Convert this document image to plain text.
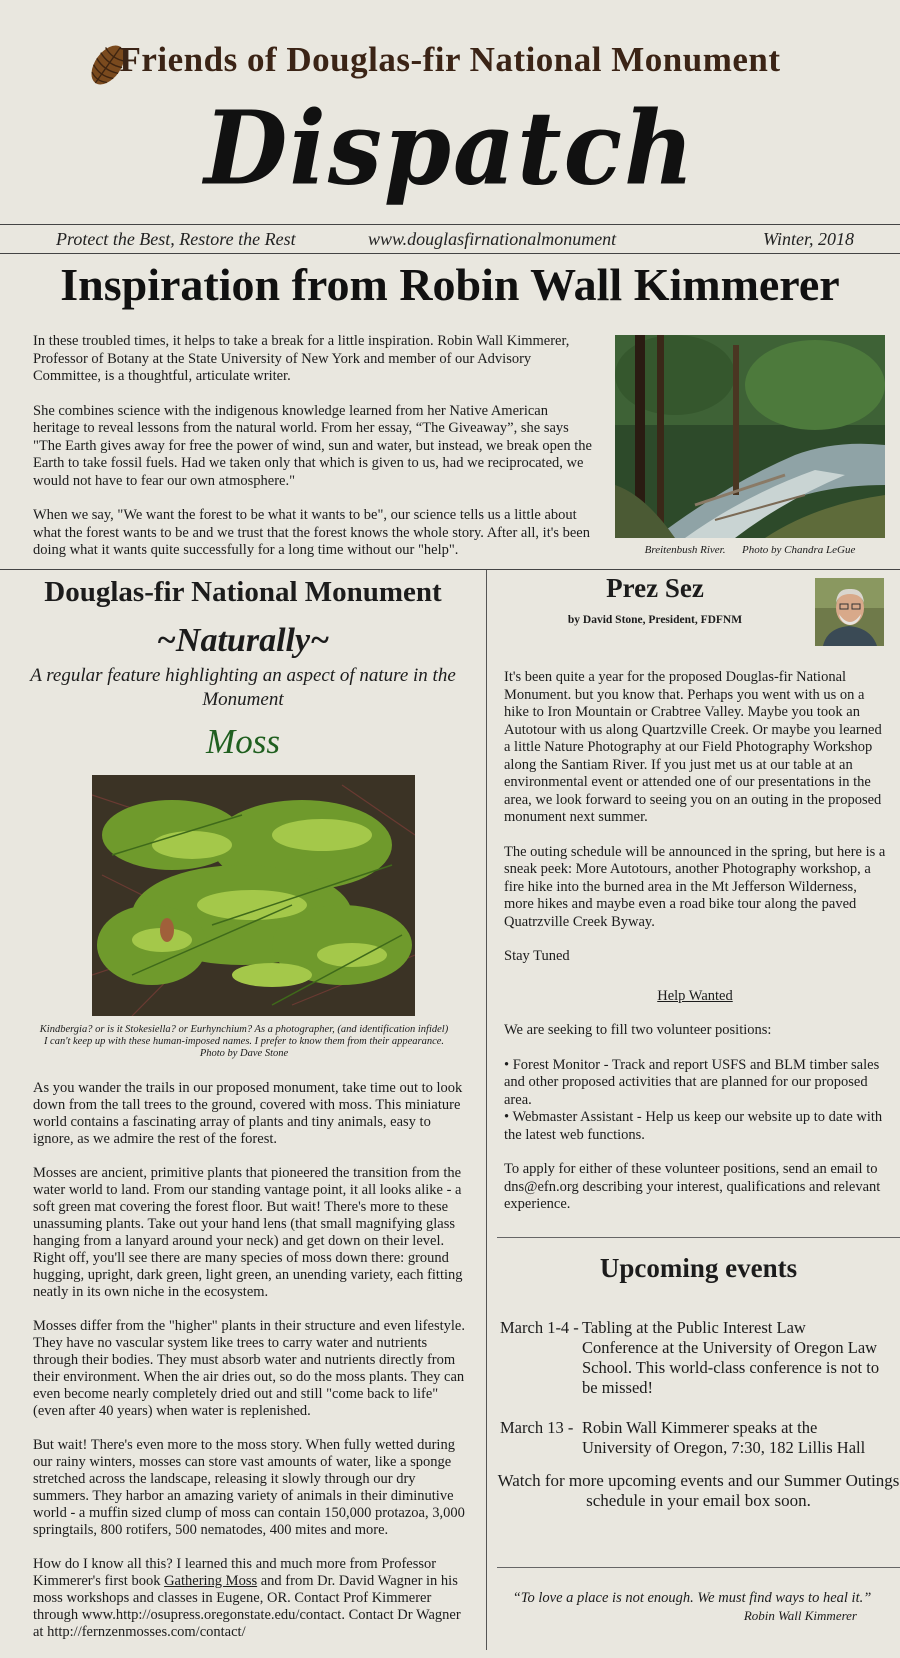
Friends of Douglas-fir National Monument
Dispatch
Protect the Best, Restore the Rest	www.douglasfirnationalmonument	Winter, 2018
Inspiration from Robin Wall Kimmerer

In these troubled times, it helps to take a break for a little inspiration. Robin Wall Kimmerer, Professor of Botany at the State University of New York and member of our Advisory Committee, is a thoughtful, articulate writer.

She combines science with the indigenous knowledge learned from her Native American heritage to reveal lessons from the natural world. From her essay, “The Giveaway”, she says "The Earth gives away for free the power of wind, sun and water, but instead, we break open the Earth to take fossil fuels. Had we taken only that which is given to us, had we reciprocated, we would not have to fear our own atmosphere."

When we say, "We want the forest to be what it wants to be", our science tells us a little about what the forest wants to be and we trust that the forest knows the whole story. After all, it's been doing what it wants quite successfully for a long time without our "help".	Breitenbush River.      Photo by Chandra LeGue
Douglas-fir National Monument
~Naturally~
A regular feature highlighting an aspect of nature in the Monument
Moss
Kindbergia? or is it Stokesiella? or Eurhynchium? As a photographer, (and identification infidel)
I can't keep up with these human-imposed names. I prefer to know them from their appearance.
Photo by Dave Stone

As you wander the trails in our proposed monument, take time out to look down from the tall trees to the ground, covered with moss. This miniature world contains a fascinating array of plants and tiny animals, easy to ignore, as we admire the rest of the forest.

Mosses are ancient, primitive plants that pioneered the transition from the water world to land. From our standing vantage point, it all looks alike - a soft green mat covering the forest floor. But wait! There's more to these unassuming plants. Take out your hand lens (that small magnifying glass hanging from a lanyard around your neck) and get down on their level. Right off, you'll see there are many species of moss down there: ground hugging, upright, dark green, light green, an unending variety, each fitting neatly in its own niche in the ecosystem.

Mosses differ from the "higher" plants in their structure and even lifestyle. They have no vascular system like trees to carry water and nutrients through their bodies. They must absorb water and nutrients directly from their environment. When the air dries out, so do the moss plants. They can even become nearly completely dried out and still "come back to life" (even after 40 years) when water is replenished.

But wait! There's even more to the moss story. When fully wetted during our rainy winters, mosses can store vast amounts of water, like a sponge stretched across the landscape, releasing it slowly through our dry summers. They harbor an amazing variety of animals in their diminutive world - a muffin sized clump of moss can contain 150,000 protazoa, 3,000 springtails, 800 rotifers, 500 nematodes, 400 mites and more.

How do I know all this? I learned this and much more from Professor Kimmerer's first book Gathering Moss and from Dr. David Wagner in his moss workshops and classes in Eugene, OR. Contact Prof Kimmerer through www.http://osupress.oregonstate.edu/contact. Contact Dr Wagner at http://fernzenmosses.com/contact/

Prez Sez
by David Stone, President, FDFNM

It's been quite a year for the proposed Douglas-fir National Monument. but you know that. Perhaps you went with us on a hike to Iron Mountain or Crabtree Valley. Maybe you took an Autotour with us along Quartzville Creek. Or maybe you learned a little Nature Photography at our Field Photography Workshop along the Santiam River. If you just met us at our table at an environmental event or attended one of our presentations in the area, we look forward to seeing you on an outing in the proposed monument next summer.

The outing schedule will be announced in the spring, but here is a sneak peek: More Autotours, another Photography workshop, a fire hike into the burned area in the Mt Jefferson Wilderness, more hikes and maybe even a road bike tour along the paved Quatrzville Creek Byway.

Stay Tuned

Help Wanted

We are seeking to fill two volunteer positions:

• Forest Monitor - Track and report USFS and BLM timber sales and other proposed activities that are planned for our proposed area.

• Webmaster Assistant - Help us keep our website up to date with the latest web functions.

To apply for either of these volunteer positions, send an email to dns@efn.org describing your interest, qualifications and relevant experience.

Upcoming events
March 1-4 - Tabling at the Public Interest Law
Conference at the University of Oregon Law School. This world-class conference is not to be missed!
March 13 - Robin Wall Kimmerer speaks at the
University of Oregon, 7:30, 182 Lillis Hall
Watch for more upcoming events and our Summer Outings schedule in your email box soon.
“To love a place is not enough. We must find ways to heal it.”
Robin Wall Kimmerer
